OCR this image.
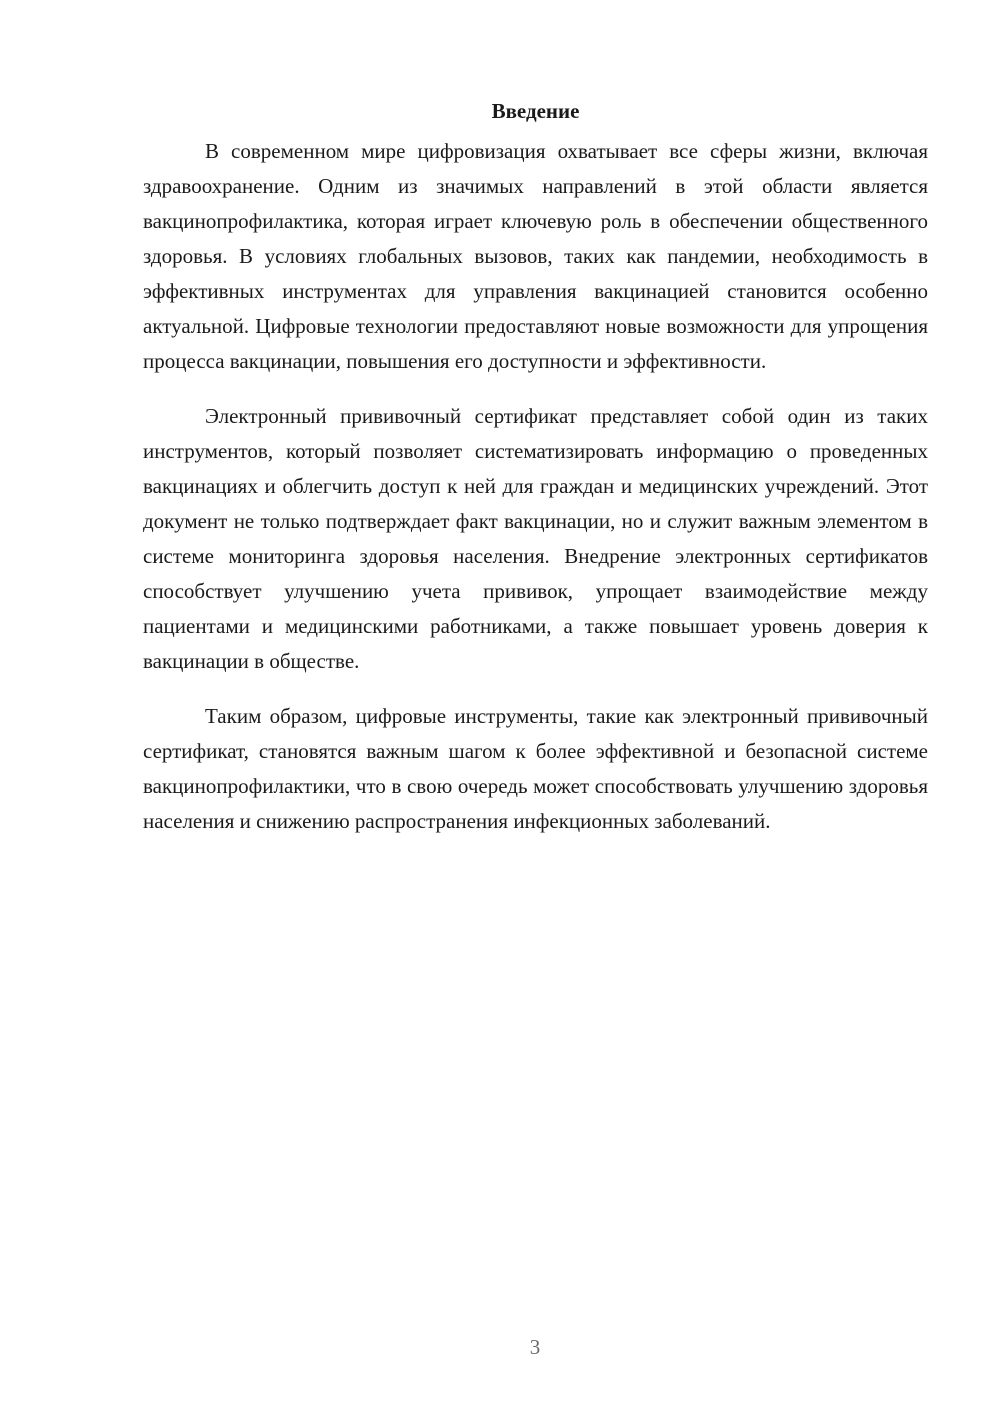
Введение

В современном мире цифровизация охватывает все сферы жизни, включая здравоохранение. Одним из значимых направлений в этой области является вакцинопрофилактика, которая играет ключевую роль в обеспечении общественного здоровья. В условиях глобальных вызовов, таких как пандемии, необходимость в эффективных инструментах для управления вакцинацией становится особенно актуальной. Цифровые технологии предоставляют новые возможности для упрощения процесса вакцинации, повышения его доступности и эффективности.

Электронный прививочный сертификат представляет собой один из таких инструментов, который позволяет систематизировать информацию о проведенных вакцинациях и облегчить доступ к ней для граждан и медицинских учреждений. Этот документ не только подтверждает факт вакцинации, но и служит важным элементом в системе мониторинга здоровья населения. Внедрение электронных сертификатов способствует улучшению учета прививок, упрощает взаимодействие между пациентами и медицинскими работниками, а также повышает уровень доверия к вакцинации в обществе.

Таким образом, цифровые инструменты, такие как электронный прививочный сертификат, становятся важным шагом к более эффективной и безопасной системе вакцинопрофилактики, что в свою очередь может способствовать улучшению здоровья населения и снижению распространения инфекционных заболеваний.

3
